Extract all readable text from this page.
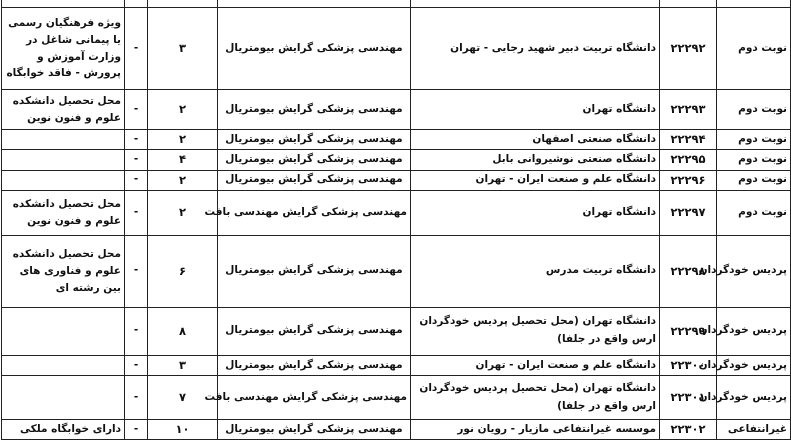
نوبت دوم	۲۲۲۹۲	دانشگاه تربیت دبیر شهید رجایی - تهران	مهندسی پزشکی گرایش بیومتریال	۳	-	ویژه فرهنگیان رسمی یا پیمانی شاغل در وزارت آموزش و پرورش - فاقد خوابگاه
نوبت دوم	۲۲۲۹۳	دانشگاه تهران	مهندسی پزشکی گرایش بیومتریال	۲	-	محل تحصیل دانشکده علوم و فنون نوین
نوبت دوم	۲۲۲۹۴	دانشگاه صنعتی اصفهان	مهندسی پزشکی گرایش بیومتریال	۲	-	
نوبت دوم	۲۲۲۹۵	دانشگاه صنعتی نوشیروانی بابل	مهندسی پزشکی گرایش بیومتریال	۴	-	
نوبت دوم	۲۲۲۹۶	دانشگاه علم و صنعت ایران - تهران	مهندسی پزشکی گرایش بیومتریال	۲	-	
نوبت دوم	۲۲۲۹۷	دانشگاه تهران	مهندسی پزشکی گرایش مهندسی بافت	۲	-	محل تحصیل دانشکده علوم و فنون نوین
پردیس خودگردان	۲۲۲۹۸	دانشگاه تربیت مدرس	مهندسی پزشکی گرایش بیومتریال	۶	-	محل تحصیل دانشکده علوم و فناوری های بین رشته ای
پردیس خودگردان	۲۲۲۹۹	دانشگاه تهران (محل تحصیل پردیس خودگردان ارس واقع در جلفا)	مهندسی پزشکی گرایش بیومتریال	۸	-	
پردیس خودگردان	۲۲۳۰۰	دانشگاه علم و صنعت ایران - تهران	مهندسی پزشکی گرایش بیومتریال	۳	-	
پردیس خودگردان	۲۲۳۰۱	دانشگاه تهران (محل تحصیل پردیس خودگردان ارس واقع در جلفا)	مهندسی پزشکی گرایش مهندسی بافت	۷	-	
غیرانتفاعی	۲۲۳۰۲	موسسه غیرانتفاعی مازیار - رویان نور	مهندسی پزشکی گرایش بیومتریال	۱۰	-	دارای خوابگاه ملکی
